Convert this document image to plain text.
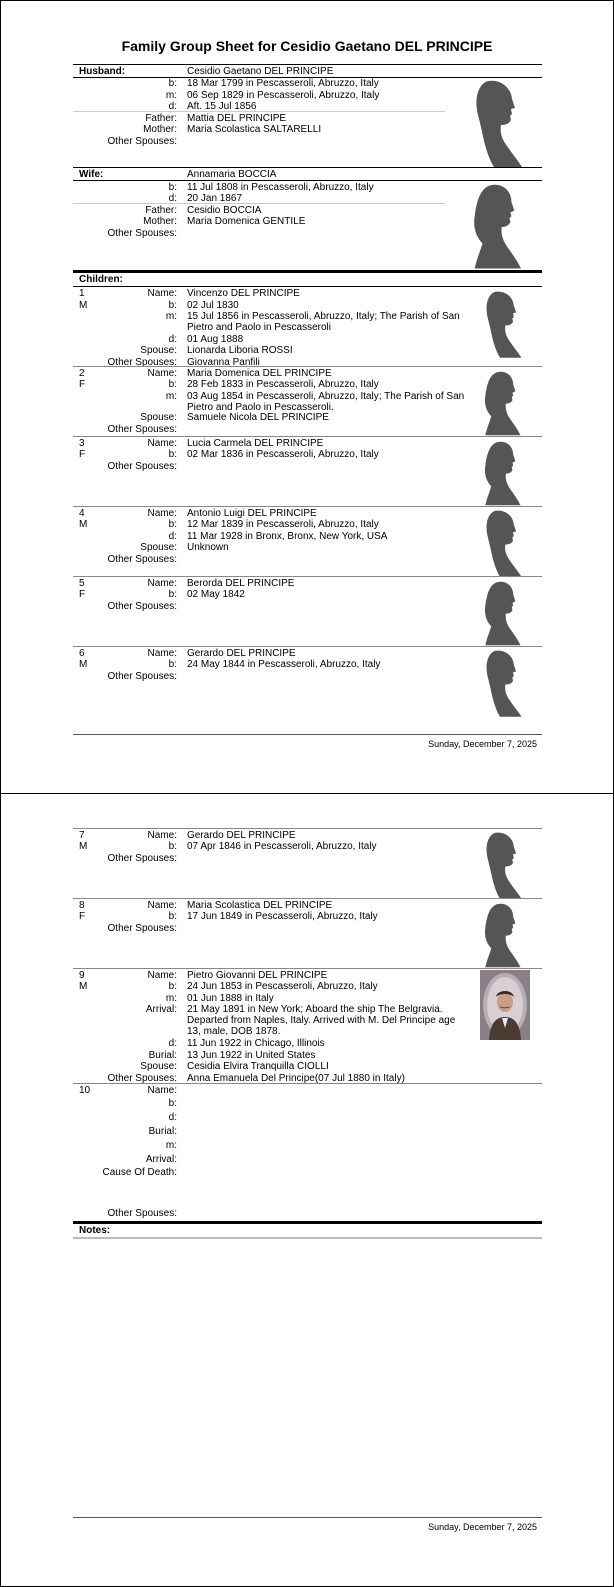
Family Group Sheet for Cesidio Gaetano DEL PRINCIPE
Husband:	Cesidio Gaetano DEL PRINCIPE
b: 18 Mar 1799 in Pescasseroli, Abruzzo, Italy
m: 06 Sep 1829 in Pescasseroli, Abruzzo, Italy
d: Aft. 15 Jul 1856
Father: Mattia DEL PRINCIPE
Mother: Maria Scolastica SALTARELLI
Other Spouses:
Wife:	Annamaria BOCCIA
b: 11 Jul 1808 in Pescasseroli, Abruzzo, Italy
d: 20 Jan 1867
Father: Cesidio BOCCIA
Mother: Maria Domenica GENTILE
Other Spouses:
Children:
1
M
Name: Vincenzo DEL PRINCIPE
b: 02 Jul 1830
m: 15 Jul 1856 in Pescasseroli, Abruzzo, Italy; The Parish of San Pietro and Paolo in Pescasseroli
d: 01 Aug 1888
Spouse: Lionarda Liboria ROSSI
Other Spouses: Giovanna Panfili
2
F
Name: Maria Domenica DEL PRINCIPE
b: 28 Feb 1833 in Pescasseroli, Abruzzo, Italy
m: 03 Aug 1854 in Pescasseroli, Abruzzo, Italy; The Parish of San Pietro and Paolo in Pescasseroli.
Spouse: Samuele Nicola DEL PRINCIPE
Other Spouses:
3
F
Name: Lucia Carmela DEL PRINCIPE
b: 02 Mar 1836 in Pescasseroli, Abruzzo, Italy
Other Spouses:
4
M
Name: Antonio Luigi DEL PRINCIPE
b: 12 Mar 1839 in Pescasseroli, Abruzzo, Italy
d: 11 Mar 1928 in Bronx, Bronx, New York, USA
Spouse: Unknown
Other Spouses:
5
F
Name: Berorda DEL PRINCIPE
b: 02 May 1842
Other Spouses:
6
M
Name: Gerardo DEL PRINCIPE
b: 24 May 1844 in Pescasseroli, Abruzzo, Italy
Other Spouses:
Sunday, December 7, 2025
7
M
Name: Gerardo DEL PRINCIPE
b: 07 Apr 1846 in Pescasseroli, Abruzzo, Italy
Other Spouses:
8
F
Name: Maria Scolastica DEL PRINCIPE
b: 17 Jun 1849 in Pescasseroli, Abruzzo, Italy
Other Spouses:
9
M
Name: Pietro Giovanni DEL PRINCIPE
b: 24 Jun 1853 in Pescasseroli, Abruzzo, Italy
m: 01 Jun 1888 in Italy
Arrival: 21 May 1891 in New York; Aboard the ship The Belgravia. Departed from Naples, Italy. Arrived with M. Del Principe age 13, male, DOB 1878.
d: 11 Jun 1922 in Chicago, Illinois
Burial: 13 Jun 1922 in United States
Spouse: Cesidia Elvira Tranquilla CIOLLI
Other Spouses: Anna Emanuela Del Principe(07 Jul 1880 in Italy)
10	Name:
b:
d:
Burial:
m:
Arrival:
Cause Of Death:
Other Spouses:
Notes:
Sunday, December 7, 2025
